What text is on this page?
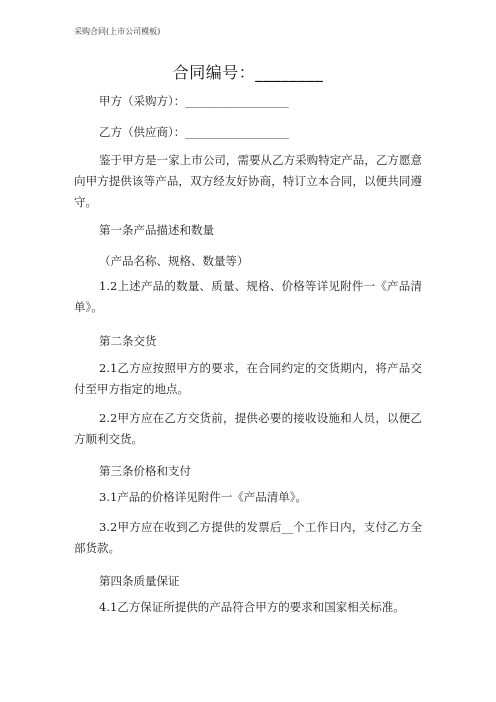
采购合同(上市公司模板)
合同编号：________
甲方（采购方）：__________________
乙方（供应商）：__________________
鉴于甲方是一家上市公司，需要从乙方采购特定产品，乙方愿意向甲方提供该等产品，双方经友好协商，特订立本合同，以便共同遵守。
第一条产品描述和数量
（产品名称、规格、数量等）
1.2上述产品的数量、质量、规格、价格等详见附件一《产品清单》。
第二条交货
2.1乙方应按照甲方的要求，在合同约定的交货期内，将产品交付至甲方指定的地点。
2.2甲方应在乙方交货前，提供必要的接收设施和人员，以便乙方顺利交货。
第三条价格和支付
3.1产品的价格详见附件一《产品清单》。
3.2甲方应在收到乙方提供的发票后__个工作日内，支付乙方全部货款。
第四条质量保证
4.1乙方保证所提供的产品符合甲方的要求和国家相关标准。
